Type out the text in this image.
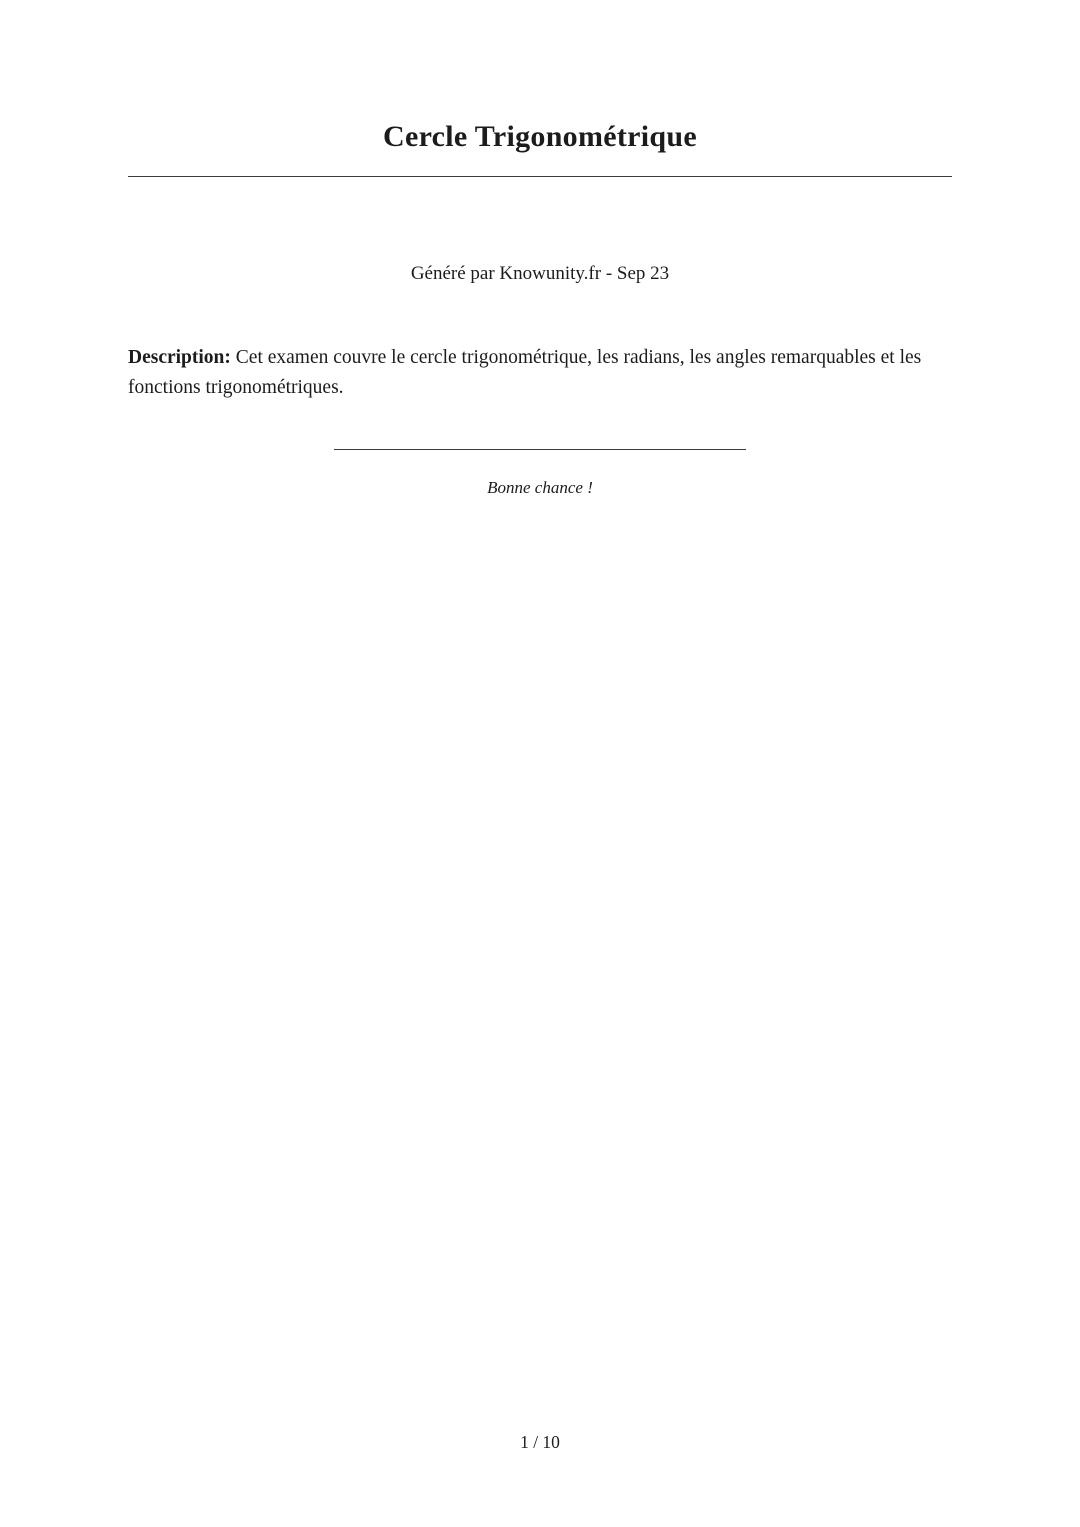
Cercle Trigonométrique

Généré par Knowunity.fr - Sep 23

Description: Cet examen couvre le cercle trigonométrique, les radians, les angles remarquables et les fonctions trigonométriques.

Bonne chance !

1 / 10
